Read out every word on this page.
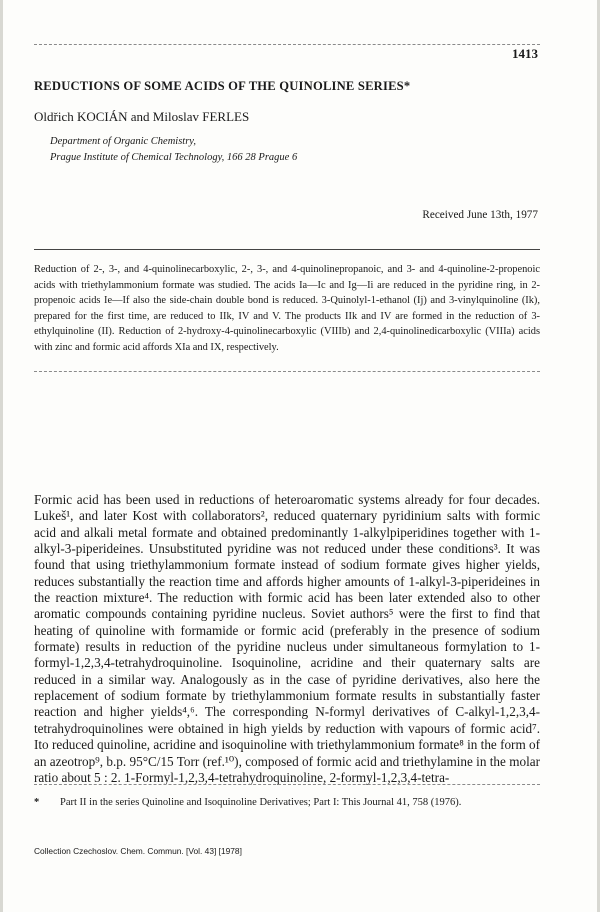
1413
REDUCTIONS OF SOME ACIDS OF THE QUINOLINE SERIES*
Oldřich KOCIÁN and Miloslav FERLES
Department of Organic Chemistry,
Prague Institute of Chemical Technology, 166 28 Prague 6
Received June 13th, 1977
Reduction of 2-, 3-, and 4-quinolinecarboxylic, 2-, 3-, and 4-quinolinepropanoic, and 3- and 4-quinoline-2-propenoic acids with triethylammonium formate was studied. The acids Ia—Ic and Ig—Ii are reduced in the pyridine ring, in 2-propenoic acids Ie—If also the side-chain double bond is reduced. 3-Quinolyl-1-ethanol (Ij) and 3-vinylquinoline (Ik), prepared for the first time, are reduced to IIk, IV and V. The products IIk and IV are formed in the reduction of 3-ethylquinoline (II). Reduction of 2-hydroxy-4-quinolinecarboxylic (VIIIb) and 2,4-quinolinedicarboxylic (VIIIa) acids with zinc and formic acid affords XIa and IX, respectively.
Formic acid has been used in reductions of heteroaromatic systems already for four decades. Lukeš¹, and later Kost with collaborators², reduced quaternary pyridinium salts with formic acid and alkali metal formate and obtained predominantly 1-alkylpiperidines together with 1-alkyl-3-piperideines. Unsubstituted pyridine was not reduced under these conditions³. It was found that using triethylammonium formate instead of sodium formate gives higher yields, reduces substantially the reaction time and affords higher amounts of 1-alkyl-3-piperideines in the reaction mixture⁴. The reduction with formic acid has been later extended also to other aromatic compounds containing pyridine nucleus. Soviet authors⁵ were the first to find that heating of quinoline with formamide or formic acid (preferably in the presence of sodium formate) results in reduction of the pyridine nucleus under simultaneous formylation to 1-formyl-1,2,3,4-tetrahydroquinoline. Isoquinoline, acridine and their quaternary salts are reduced in a similar way. Analogously as in the case of pyridine derivatives, also here the replacement of sodium formate by triethylammonium formate results in substantially faster reaction and higher yields⁴,⁶. The corresponding N-formyl derivatives of C-alkyl-1,2,3,4-tetrahydroquinolines were obtained in high yields by reduction with vapours of formic acid⁷. Ito reduced quinoline, acridine and isoquinoline with triethylammonium formate⁸ in the form of an azeotrop⁹, b.p. 95°C/15 Torr (ref.¹⁰), composed of formic acid and triethylamine in the molar ratio about 5 : 2. 1-Formyl-1,2,3,4-tetrahydroquinoline, 2-formyl-1,2,3,4-tetra-
* Part II in the series Quinoline and Isoquinoline Derivatives; Part I: This Journal 41, 758 (1976).
Collection Czechoslov. Chem. Commun. [Vol. 43] [1978]
